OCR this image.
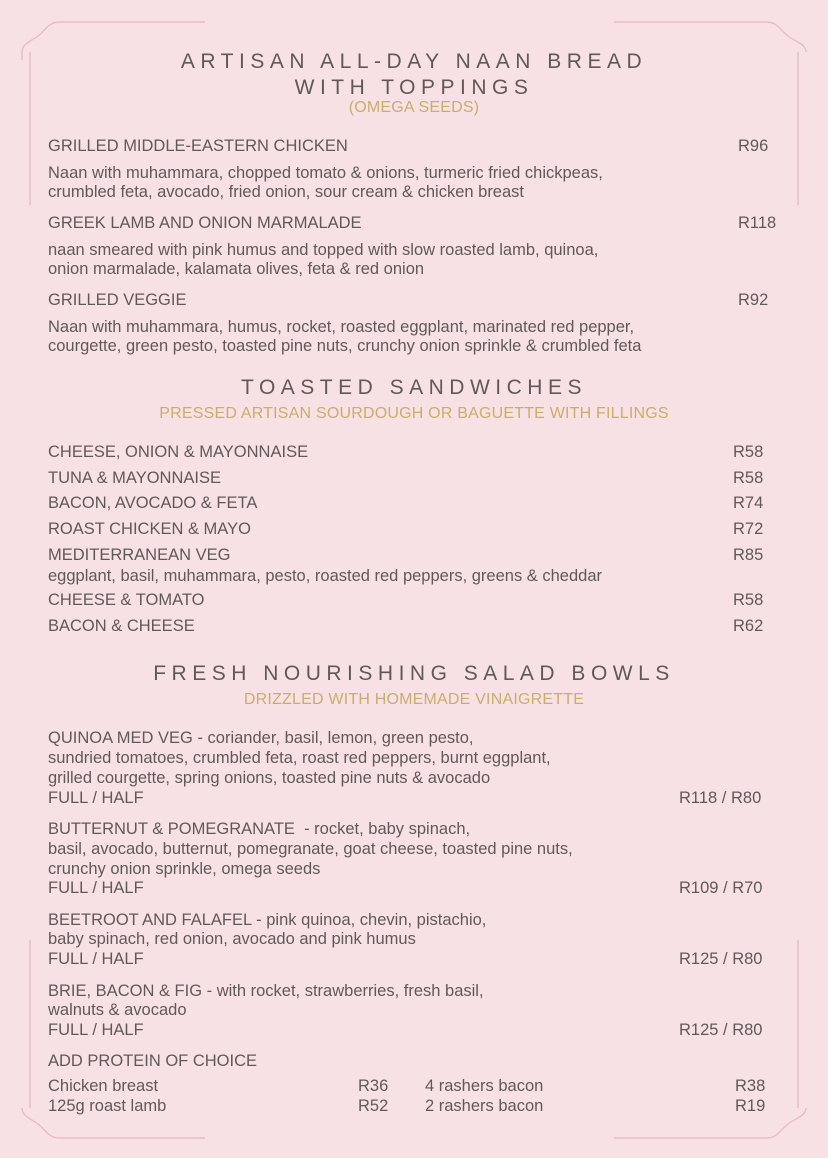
ARTISAN ALL-DAY NAAN BREAD
WITH TOPPINGS
(OMEGA SEEDS)
GRILLED MIDDLE-EASTERN CHICKEN	R96
Naan with muhammara, chopped tomato & onions, turmeric fried chickpeas,
crumbled feta, avocado, fried onion, sour cream & chicken breast
GREEK LAMB AND ONION MARMALADE	R118
naan smeared with pink humus and topped with slow roasted lamb, quinoa,
onion marmalade, kalamata olives, feta & red onion
GRILLED VEGGIE	R92
Naan with muhammara, humus, rocket, roasted eggplant, marinated red pepper,
courgette, green pesto, toasted pine nuts, crunchy onion sprinkle & crumbled feta
TOASTED SANDWICHES
PRESSED ARTISAN SOURDOUGH OR BAGUETTE WITH FILLINGS
CHEESE, ONION & MAYONNAISE	R58
TUNA & MAYONNAISE	R58
BACON, AVOCADO & FETA	R74
ROAST CHICKEN & MAYO	R72
MEDITERRANEAN VEG	R85
eggplant, basil, muhammara, pesto, roasted red peppers, greens & cheddar
CHEESE & TOMATO	R58
BACON & CHEESE	R62
FRESH NOURISHING SALAD BOWLS
DRIZZLED WITH HOMEMADE VINAIGRETTE
QUINOA MED VEG - coriander, basil, lemon, green pesto,
sundried tomatoes, crumbled feta, roast red peppers, burnt eggplant,
grilled courgette, spring onions, toasted pine nuts & avocado
FULL / HALF	R118 / R80
BUTTERNUT & POMEGRANATE  - rocket, baby spinach,
basil, avocado, butternut, pomegranate, goat cheese, toasted pine nuts,
crunchy onion sprinkle, omega seeds
FULL / HALF	R109 / R70
BEETROOT AND FALAFEL - pink quinoa, chevin, pistachio,
baby spinach, red onion, avocado and pink humus
FULL / HALF	R125 / R80
BRIE, BACON & FIG - with rocket, strawberries, fresh basil,
walnuts & avocado
FULL / HALF	R125 / R80
ADD PROTEIN OF CHOICE
Chicken breast	R36 4 rashers bacon	R38
125g roast lamb	R52 2 rashers bacon	R19
